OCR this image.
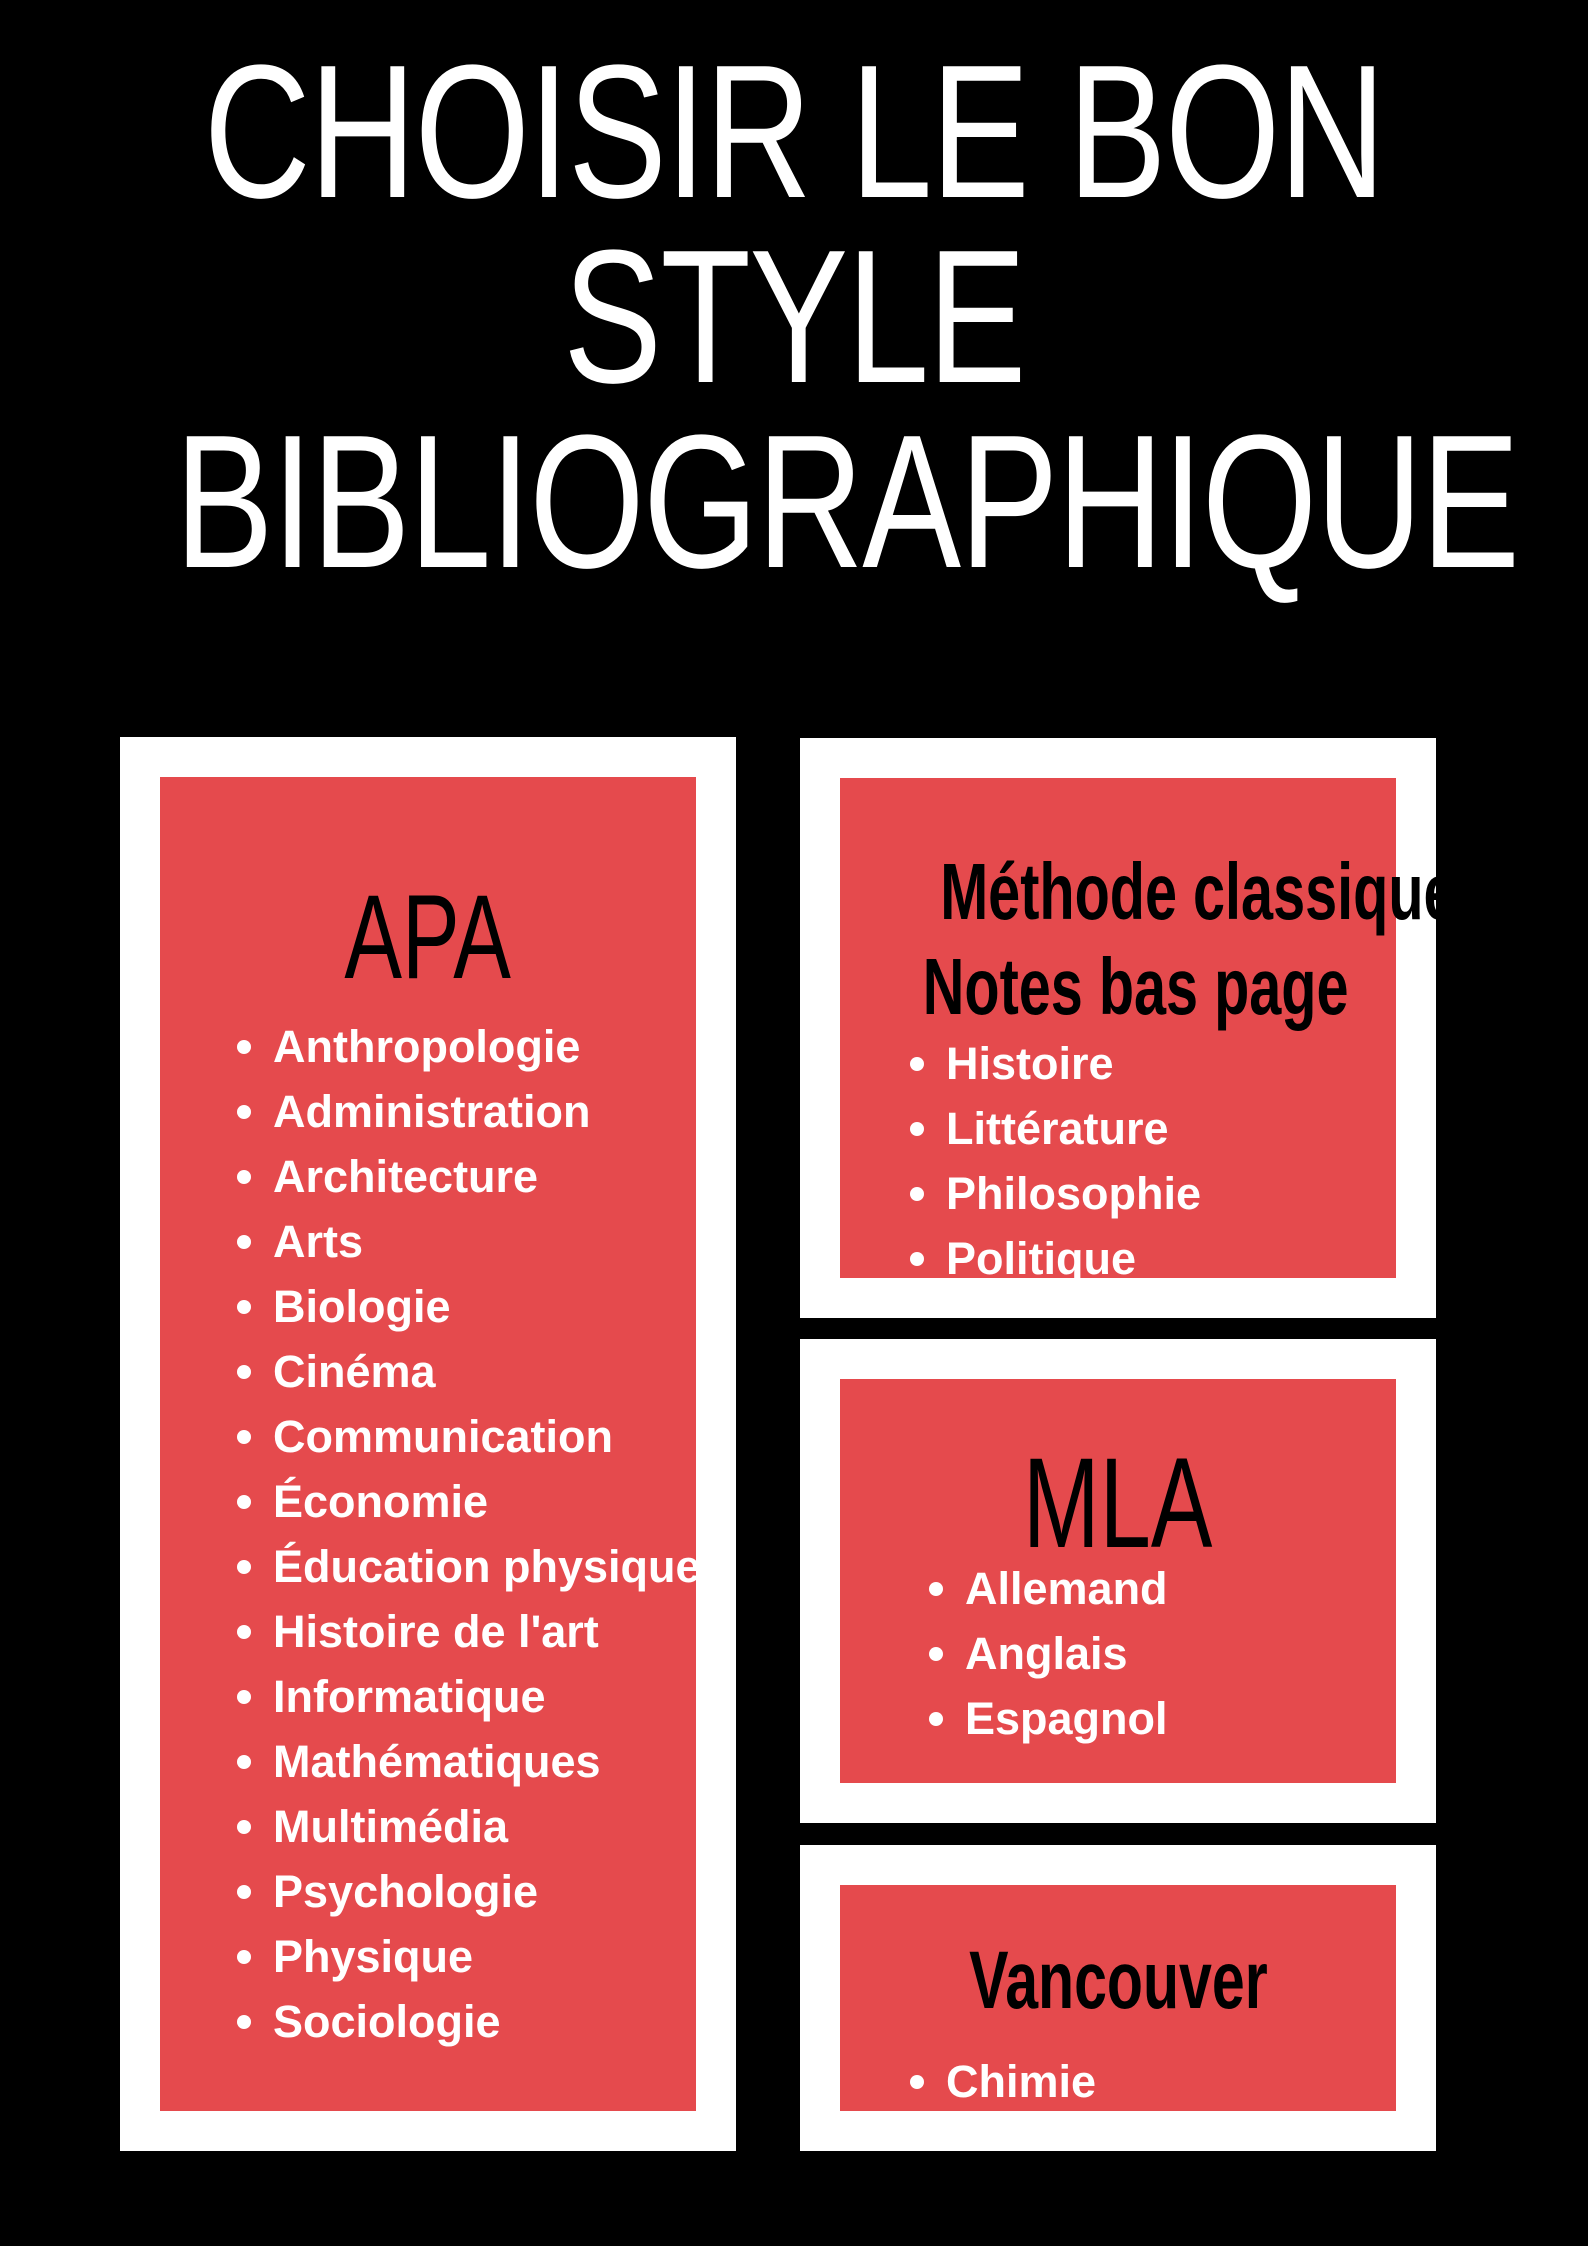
CHOISIR LE BON
STYLE
BIBLIOGRAPHIQUE
APA
Anthropologie
Administration
Architecture
Arts
Biologie
Cinéma
Communication
Économie
Éducation physique
Histoire de l'art
Informatique
Mathématiques
Multimédia
Psychologie
Physique
Sociologie
Méthode classique
Notes bas page
Histoire
Littérature
Philosophie
Politique
MLA
Allemand
Anglais
Espagnol
Vancouver
Chimie
